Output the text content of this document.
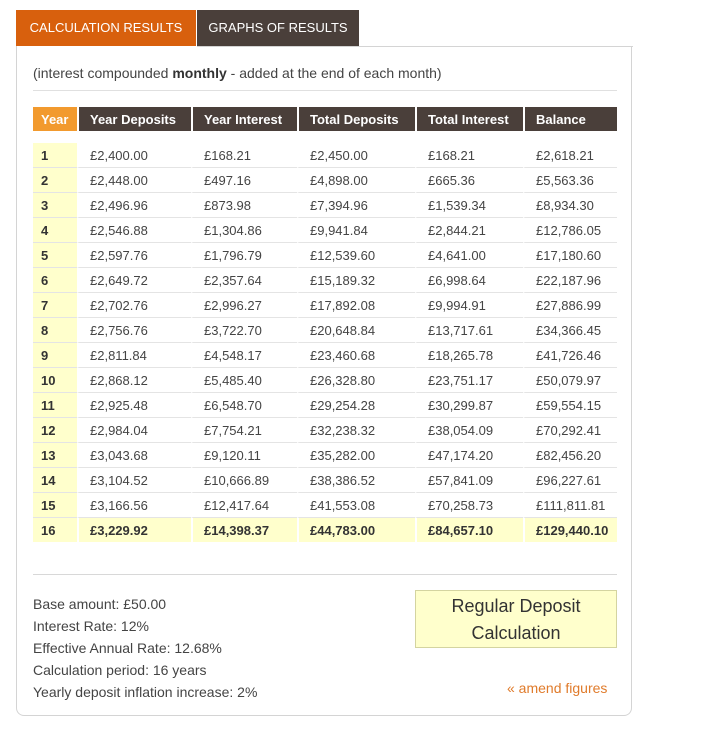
CALCULATION RESULTS	GRAPHS OF RESULTS
(interest compounded monthly - added at the end of each month)
Year	Year Deposits	Year Interest	Total Deposits	Total Interest	Balance

1	£2,400.00	£168.21	£2,450.00	£168.21	£2,618.21
2	£2,448.00	£497.16	£4,898.00	£665.36	£5,563.36
3	£2,496.96	£873.98	£7,394.96	£1,539.34	£8,934.30
4	£2,546.88	£1,304.86	£9,941.84	£2,844.21	£12,786.05
5	£2,597.76	£1,796.79	£12,539.60	£4,641.00	£17,180.60
6	£2,649.72	£2,357.64	£15,189.32	£6,998.64	£22,187.96
7	£2,702.76	£2,996.27	£17,892.08	£9,994.91	£27,886.99
8	£2,756.76	£3,722.70	£20,648.84	£13,717.61	£34,366.45
9	£2,811.84	£4,548.17	£23,460.68	£18,265.78	£41,726.46
10	£2,868.12	£5,485.40	£26,328.80	£23,751.17	£50,079.97
11	£2,925.48	£6,548.70	£29,254.28	£30,299.87	£59,554.15
12	£2,984.04	£7,754.21	£32,238.32	£38,054.09	£70,292.41
13	£3,043.68	£9,120.11	£35,282.00	£47,174.20	£82,456.20
14	£3,104.52	£10,666.89	£38,386.52	£57,841.09	£96,227.61
15	£3,166.56	£12,417.64	£41,553.08	£70,258.73	£111,811.81
16	£3,229.92	£14,398.37	£44,783.00	£84,657.10	£129,440.10
Base amount: £50.00
Interest Rate: 12%
Effective Annual Rate: 12.68%
Calculation period: 16 years
Yearly deposit inflation increase: 2%
Regular Deposit
Calculation
« amend figures
